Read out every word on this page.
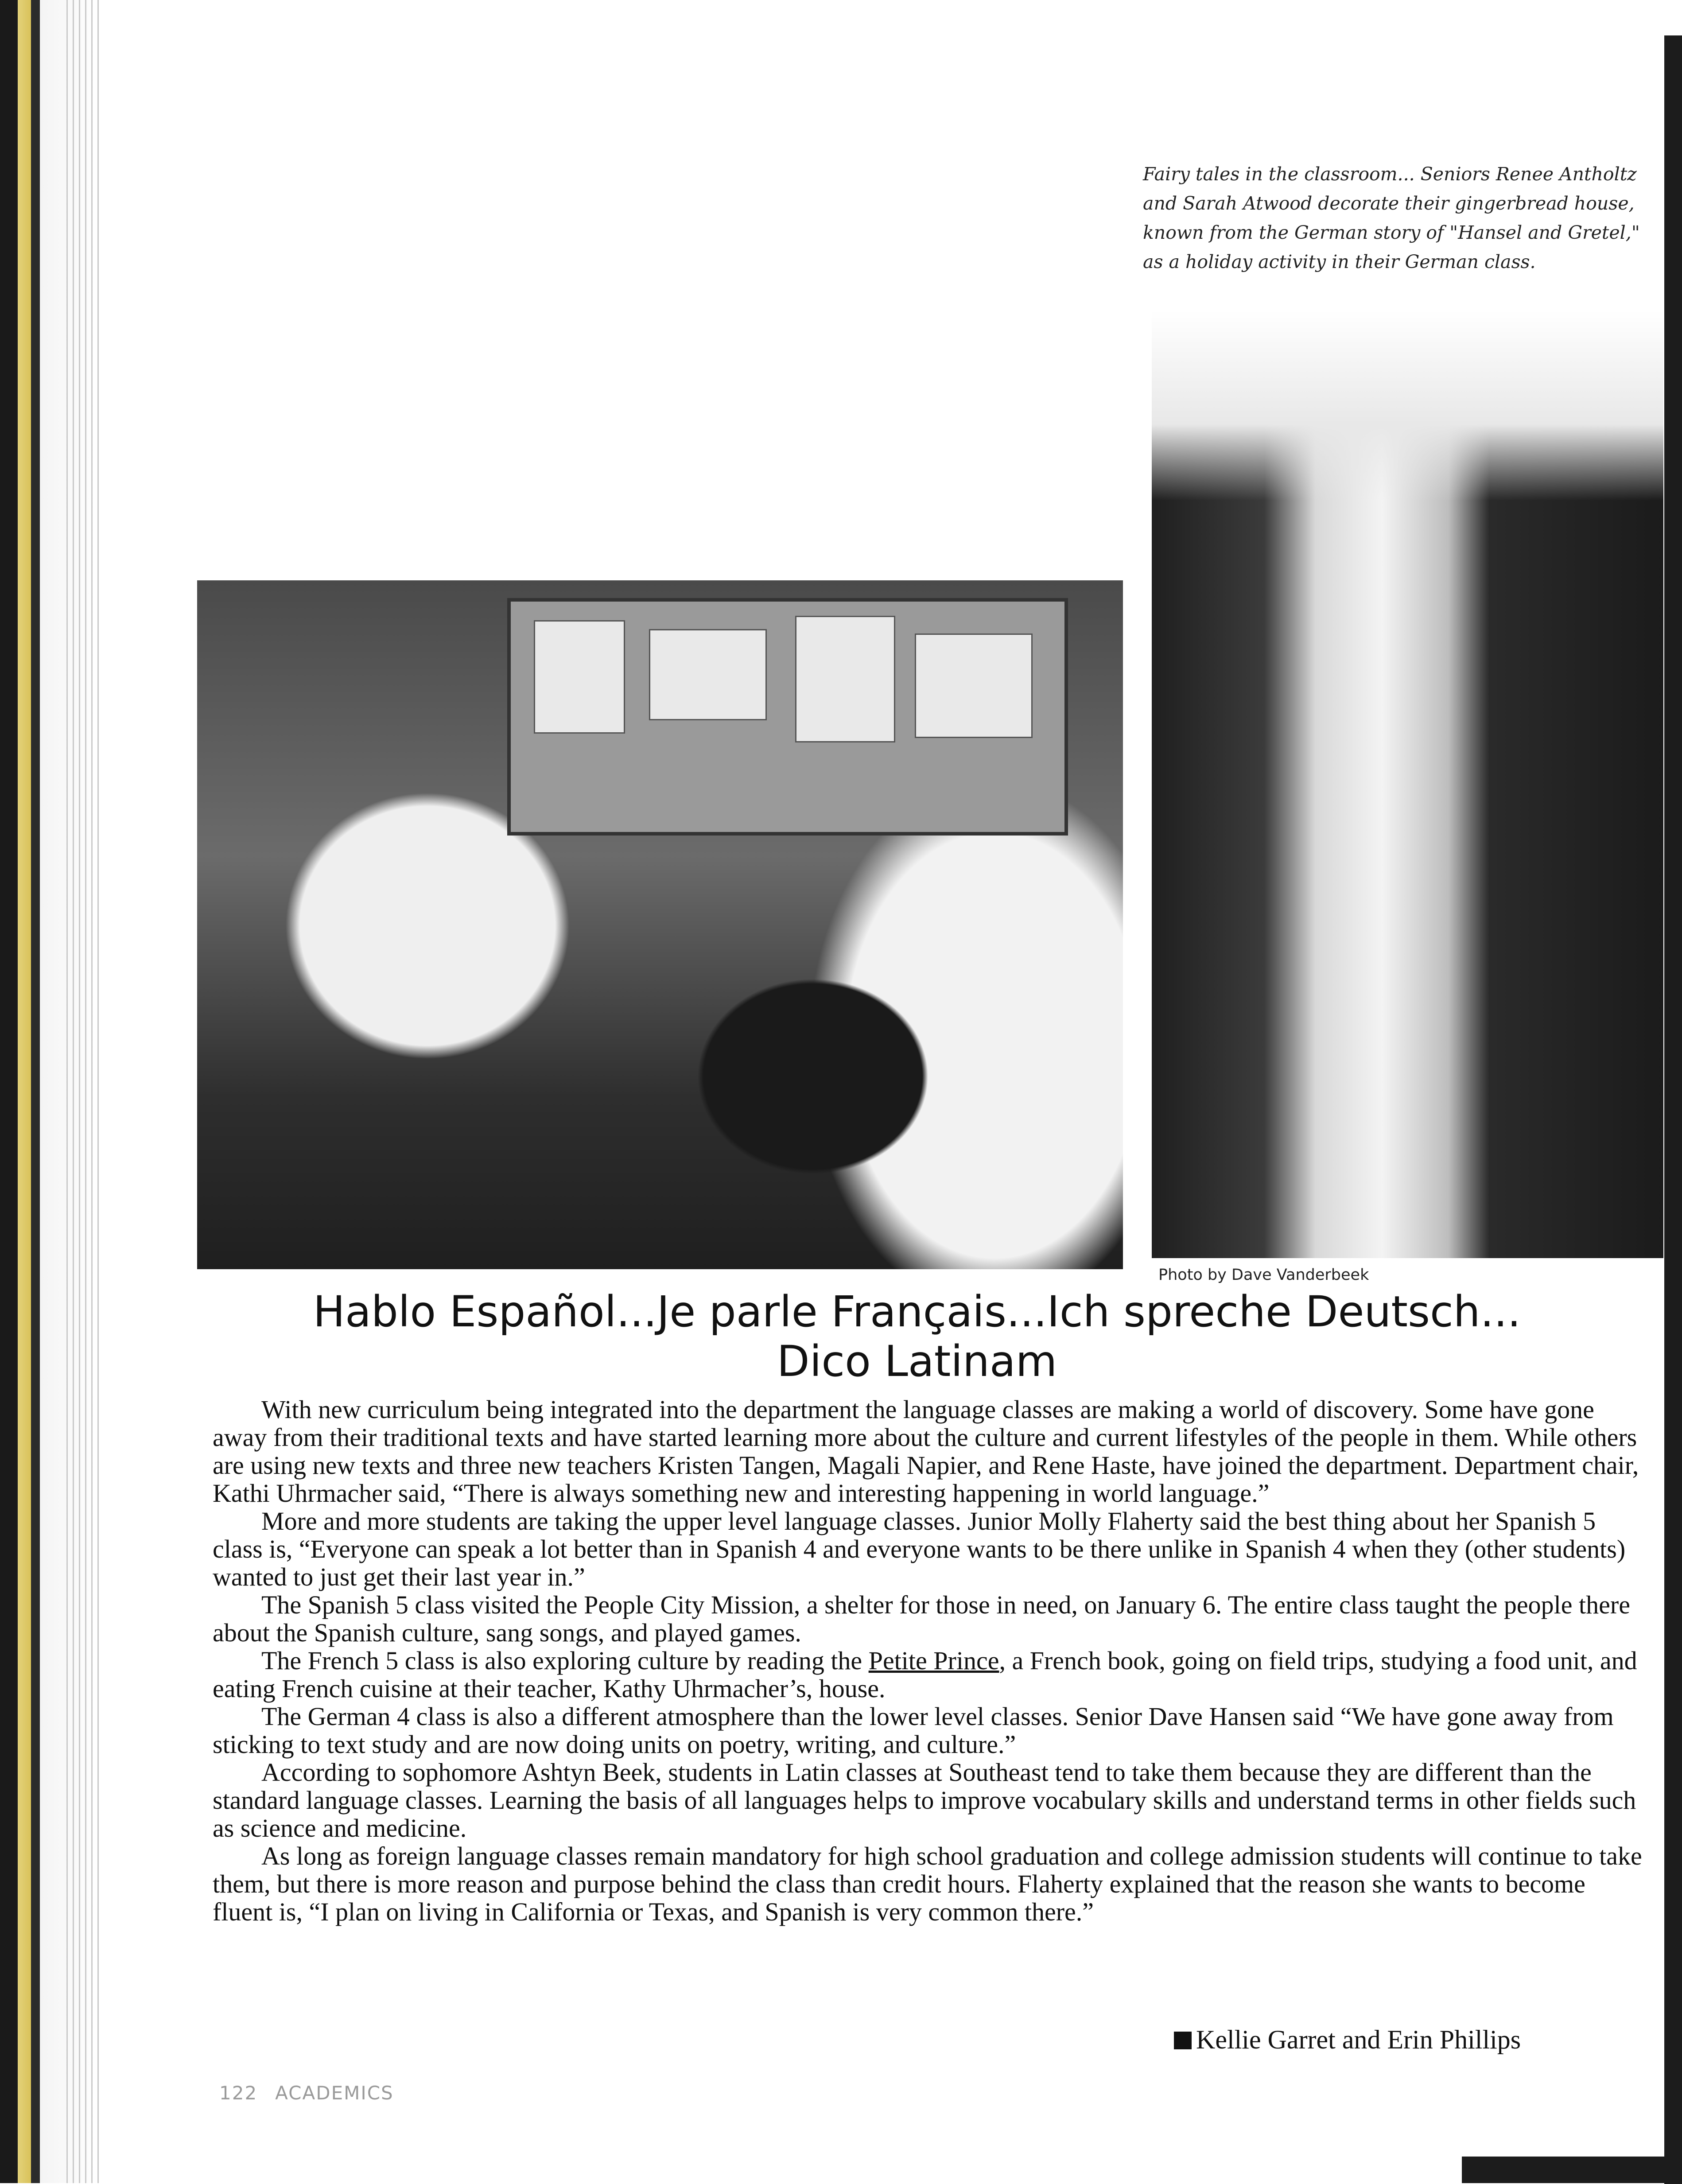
Fairy tales in the classroom... Seniors Renee Antholtz
and Sarah Atwood decorate their gingerbread house,
known from the German story of "Hansel and Gretel,"
as a holiday activity in their German class.
Photo by Dave Vanderbeek
Hablo Español...Je parle Français...Ich spreche Deutsch...
Dico Latinam

With new curriculum being integrated into the department the language classes are making a world of discovery. Some have gone away from their traditional texts and have started learning more about the culture and current lifestyles of the people in them. While others are using new texts and three new teachers Kristen Tangen, Magali Napier, and Rene Haste, have joined the department. Department chair, Kathi Uhrmacher said, “There is always something new and interesting happening in world language.”

More and more students are taking the upper level language classes. Junior Molly Flaherty said the best thing about her Spanish 5 class is, “Everyone can speak a lot better than in Spanish 4 and everyone wants to be there unlike in Spanish 4 when they (other students) wanted to just get their last year in.”

The Spanish 5 class visited the People City Mission, a shelter for those in need, on January 6. The entire class taught the people there about the Spanish culture, sang songs, and played games.

The French 5 class is also exploring culture by reading the Petite Prince, a French book, going on field trips, studying a food unit, and eating French cuisine at their teacher, Kathy Uhrmacher’s, house.

The German 4 class is also a different atmosphere than the lower level classes. Senior Dave Hansen said “We have gone away from sticking to text study and are now doing units on poetry, writing, and culture.”

According to sophomore Ashtyn Beek, students in Latin classes at Southeast tend to take them because they are different than the standard language classes. Learning the basis of all languages helps to improve vocabulary skills and understand terms in other fields such as science and medicine.

As long as foreign language classes remain mandatory for high school graduation and college admission students will continue to take them, but there is more reason and purpose behind the class than credit hours. Flaherty explained that the reason she wants to become fluent is, “I plan on living in California or Texas, and Spanish is very common there.”

Kellie Garret and Erin Phillips
122 ACADEMICS
